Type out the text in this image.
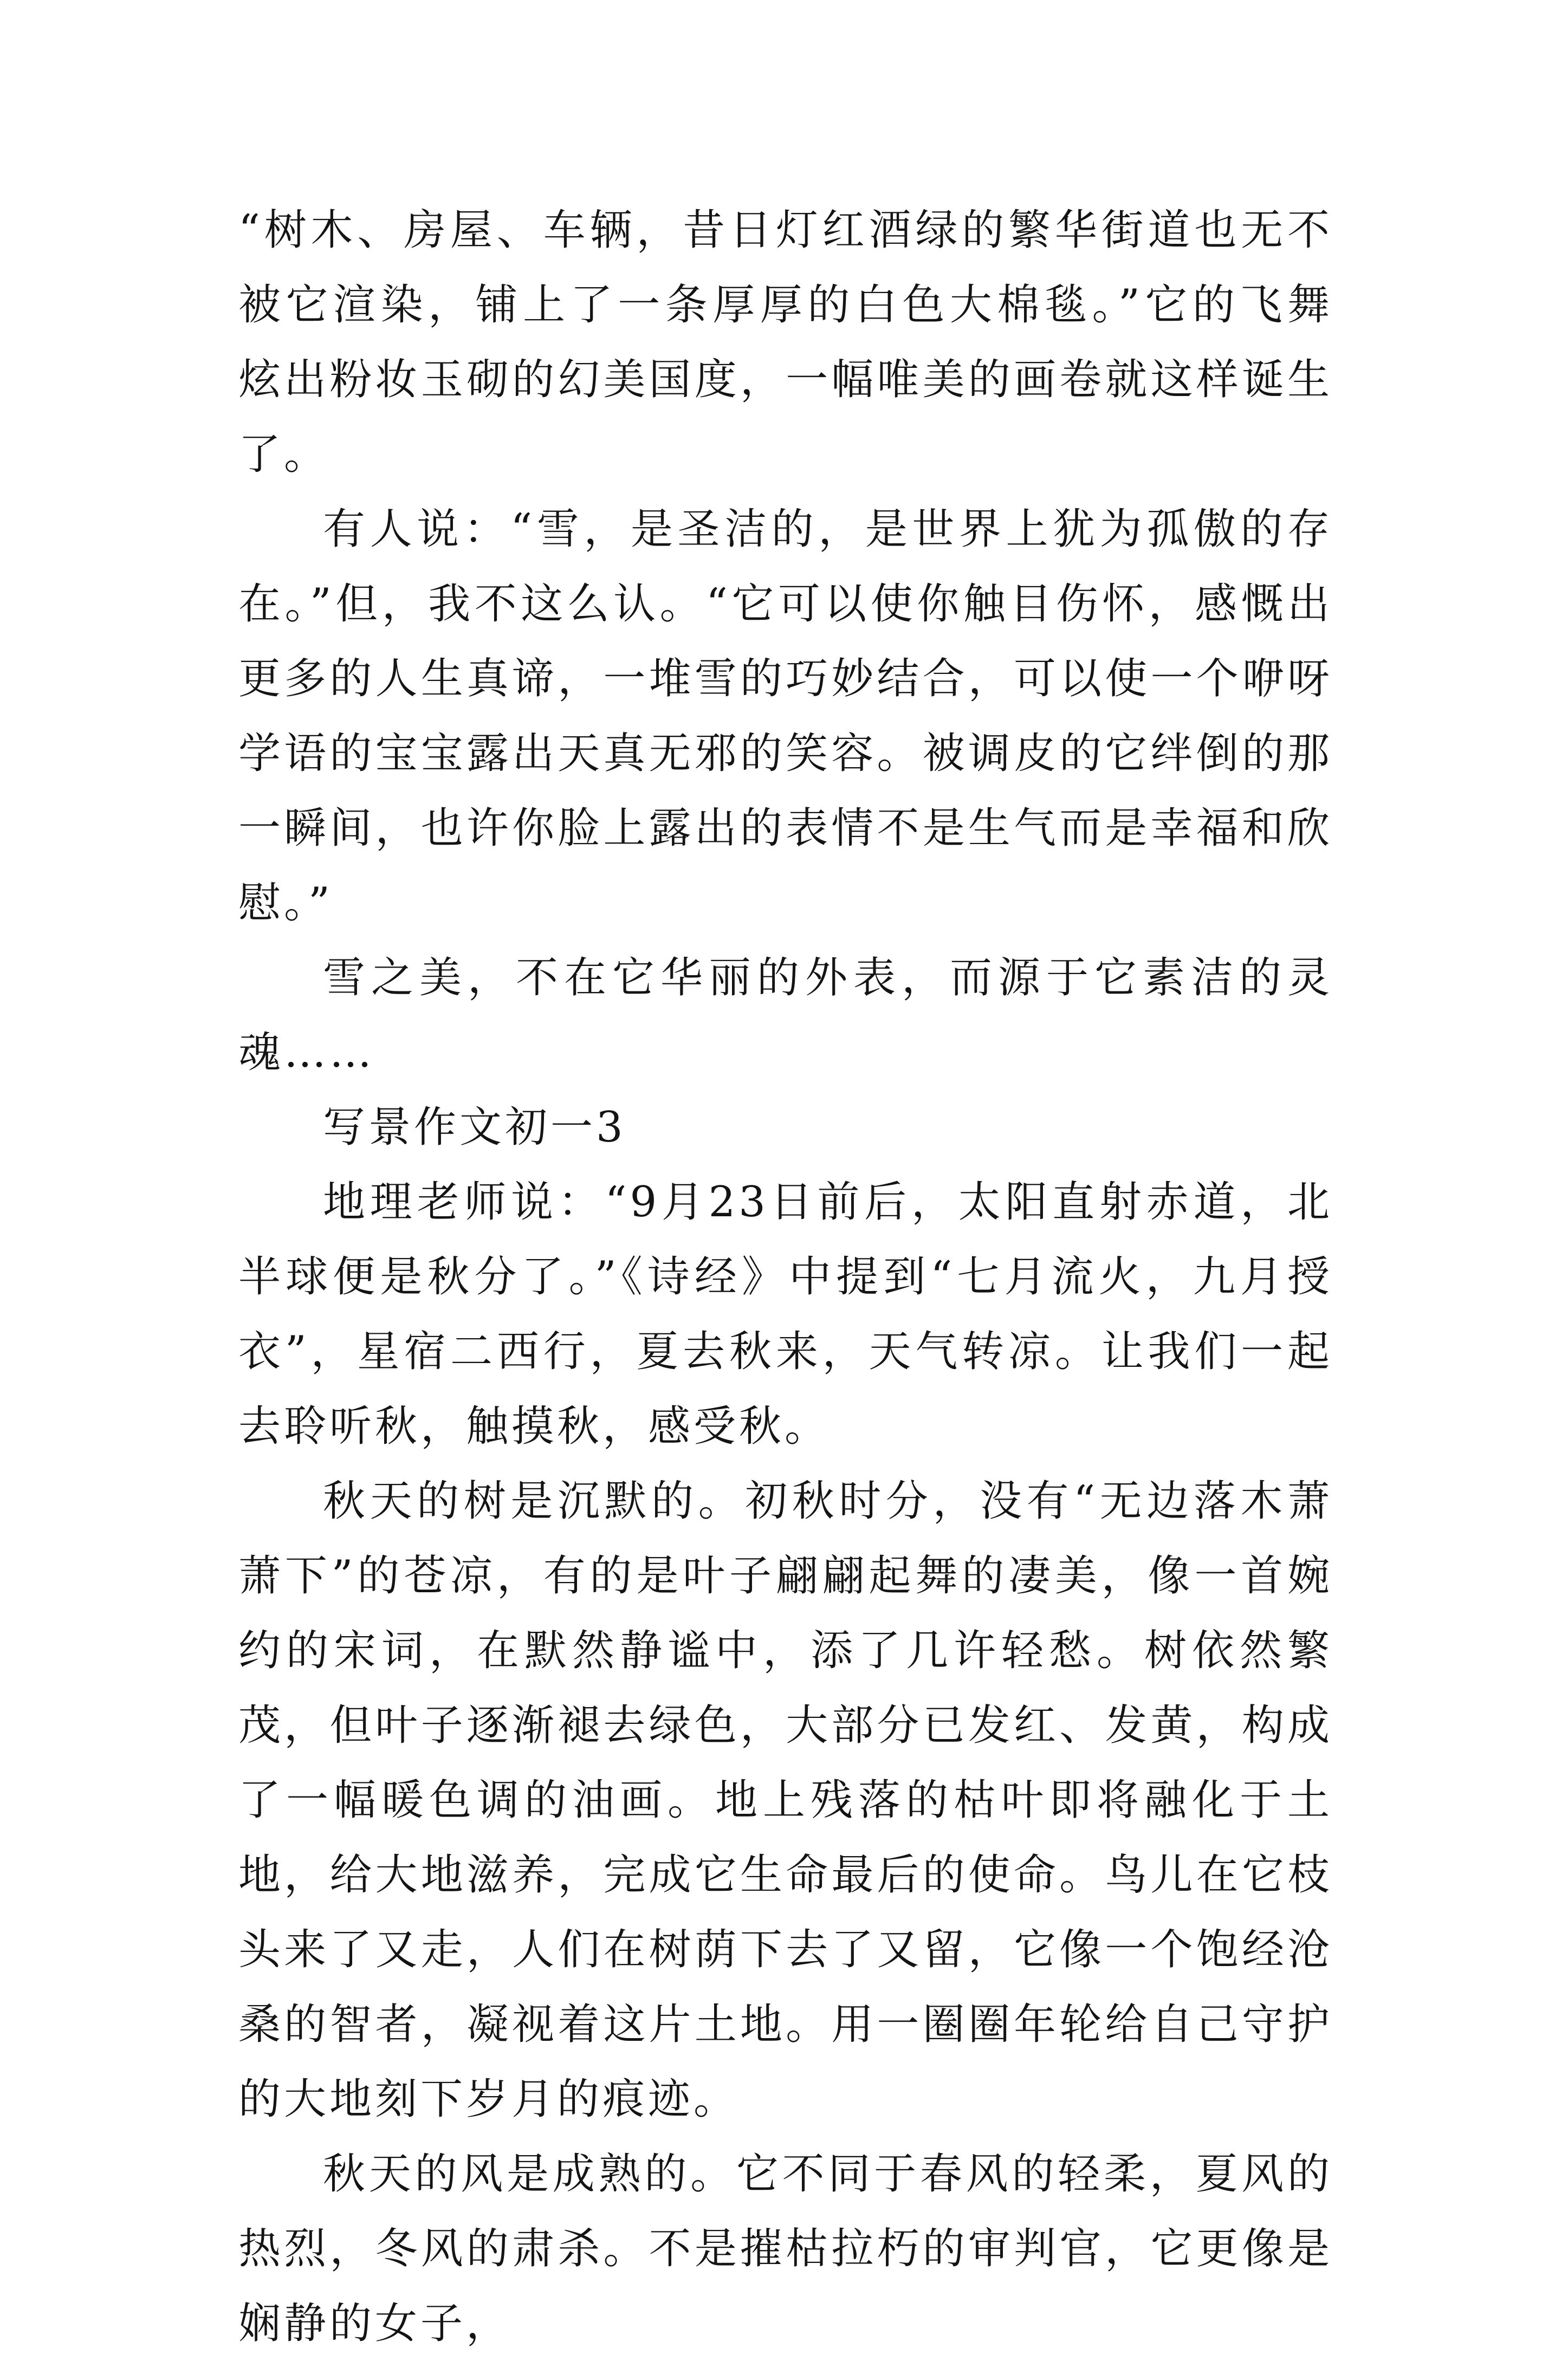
“树木、房屋、车辆，昔日灯红酒绿的繁华街道也无不被它渲染，铺上了一条厚厚的白色大棉毯。”它的飞舞炫出粉妆玉砌的幻美国度，一幅唯美的画卷就这样诞生了。

有人说：“雪，是圣洁的，是世界上犹为孤傲的存在。”但，我不这么认。“它可以使你触目伤怀，感慨出更多的人生真谛，一堆雪的巧妙结合，可以使一个咿呀学语的宝宝露出天真无邪的笑容。被调皮的它绊倒的那一瞬间，也许你脸上露出的表情不是生气而是幸福和欣慰。”

雪之美，不在它华丽的外表，而源于它素洁的灵魂……

写景作文初一3

地理老师说：“9月23日前后，太阳直射赤道，北半球便是秋分了。”《诗经》中提到“七月流火，九月授衣”，星宿二西行，夏去秋来，天气转凉。让我们一起去聆听秋，触摸秋，感受秋。

秋天的树是沉默的。初秋时分，没有“无边落木萧萧下”的苍凉，有的是叶子翩翩起舞的凄美，像一首婉约的宋词，在默然静谧中，添了几许轻愁。树依然繁茂，但叶子逐渐褪去绿色，大部分已发红、发黄，构成了一幅暖色调的油画。地上残落的枯叶即将融化于土地，给大地滋养，完成它生命最后的使命。鸟儿在它枝头来了又走，人们在树荫下去了又留，它像一个饱经沧桑的智者，凝视着这片土地。用一圈圈年轮给自己守护的大地刻下岁月的痕迹。

秋天的风是成熟的。它不同于春风的轻柔，夏风的热烈，冬风的肃杀。不是摧枯拉朽的审判官，它更像是娴静的女子，
